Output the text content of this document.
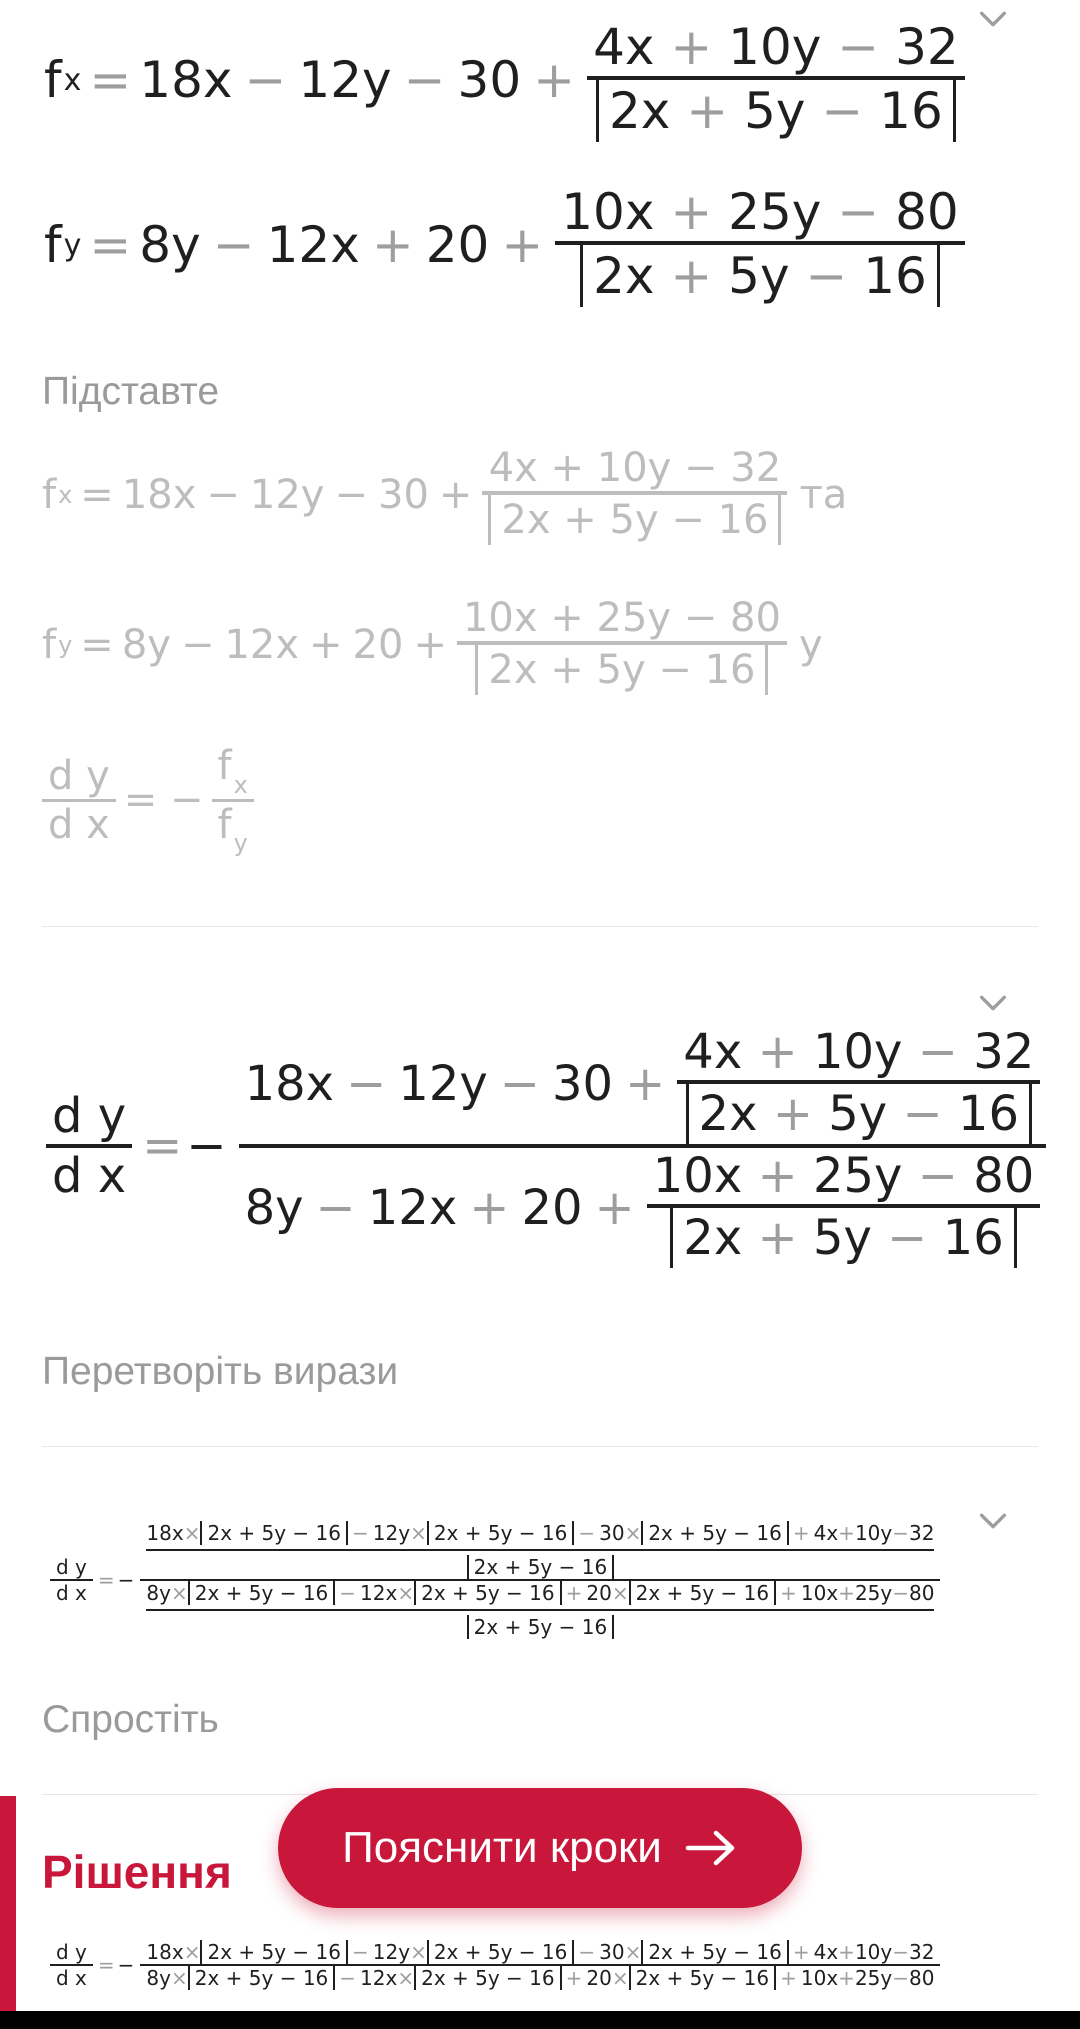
f $x = 18x - 12y - 30 + \frac{4x + 10y - 32}{2x + 5y - 16}$
f $y = 8y - 12x + 20 + \frac{10x + 25y - 80}{2x + 5y - 16}$
Підставте
f $x = 18x - 12y - 30 + \frac{4x + 10y - 32}{2x + 5y - 16}$ та
f $y = 8y - 12x + 20 + \frac{10x + 25y - 80}{2x + 5y - 16}$ у
$\frac{\text{d y}}{\text{d x}}$ = − $\frac{f_x}{f_y}$
$\frac{\text{d y}}{\text{d x}}$ = −
$18x - 12y - 30 + \frac{4x + 10y - 32}{2x + 5y - 16}$
$8y - 12x + 20 + \frac{10x + 25y - 80}{2x + 5y - 16}$
Перетворіть вирази
$\frac{\text{d y}}{\text{d x}}$ = −
18x × 2x + 5y − 16 − 12y × 2x + 5y − 16 − 30 × 2x + 5y − 16 + 4x + 10y − 32
2x + 5y − 16
8y × 2x + 5y − 16 − 12x × 2x + 5y − 16 + 20 × 2x + 5y − 16 + 10x + 25y − 80
2x + 5y − 16
Спростіть
Рішення
$\frac{\text{d y}}{\text{d x}}$ = −
18x × 2x + 5y − 16 − 12y × 2x + 5y − 16 − 30 × 2x + 5y − 16 + 4x + 10y − 32
8y × 2x + 5y − 16 − 12x × 2x + 5y − 16 + 20 × 2x + 5y − 16 + 10x + 25y − 80
Пояснити кроки
